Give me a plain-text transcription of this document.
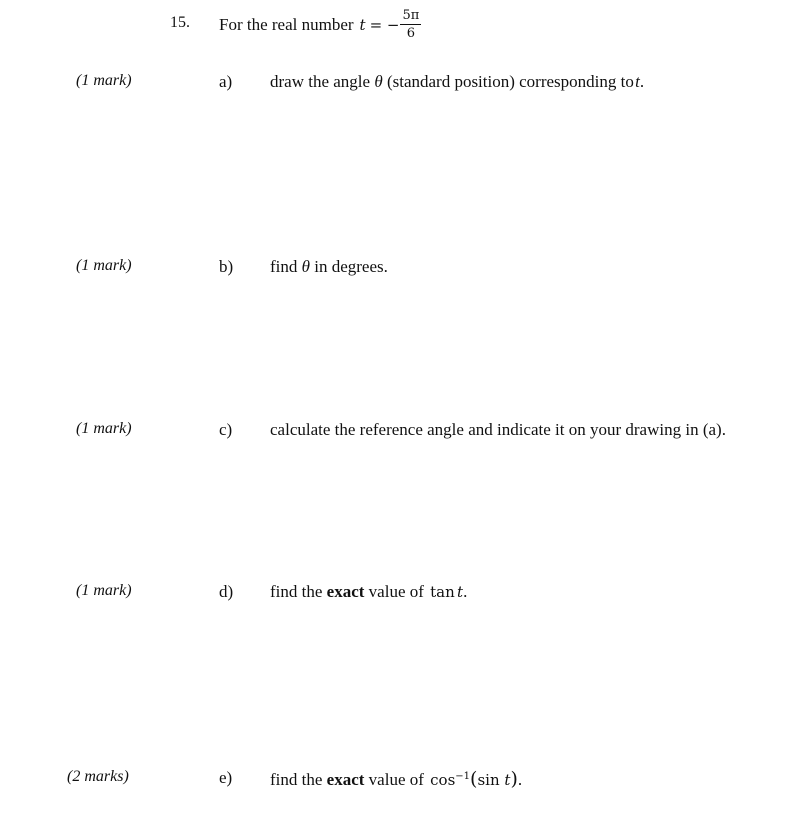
15. For the real number t = − $\frac{5\pi}{6}$
(1 mark)	a) draw the angle θ (standard position) corresponding to t.
(1 mark)	b) find θ in degrees.
(1 mark)	c) calculate the reference angle and indicate it on your drawing in (a).
(1 mark)	d) find the exact value of tan t.
(2 marks)	e) find the exact value of $\cos^{-1}(\sin$ t).
